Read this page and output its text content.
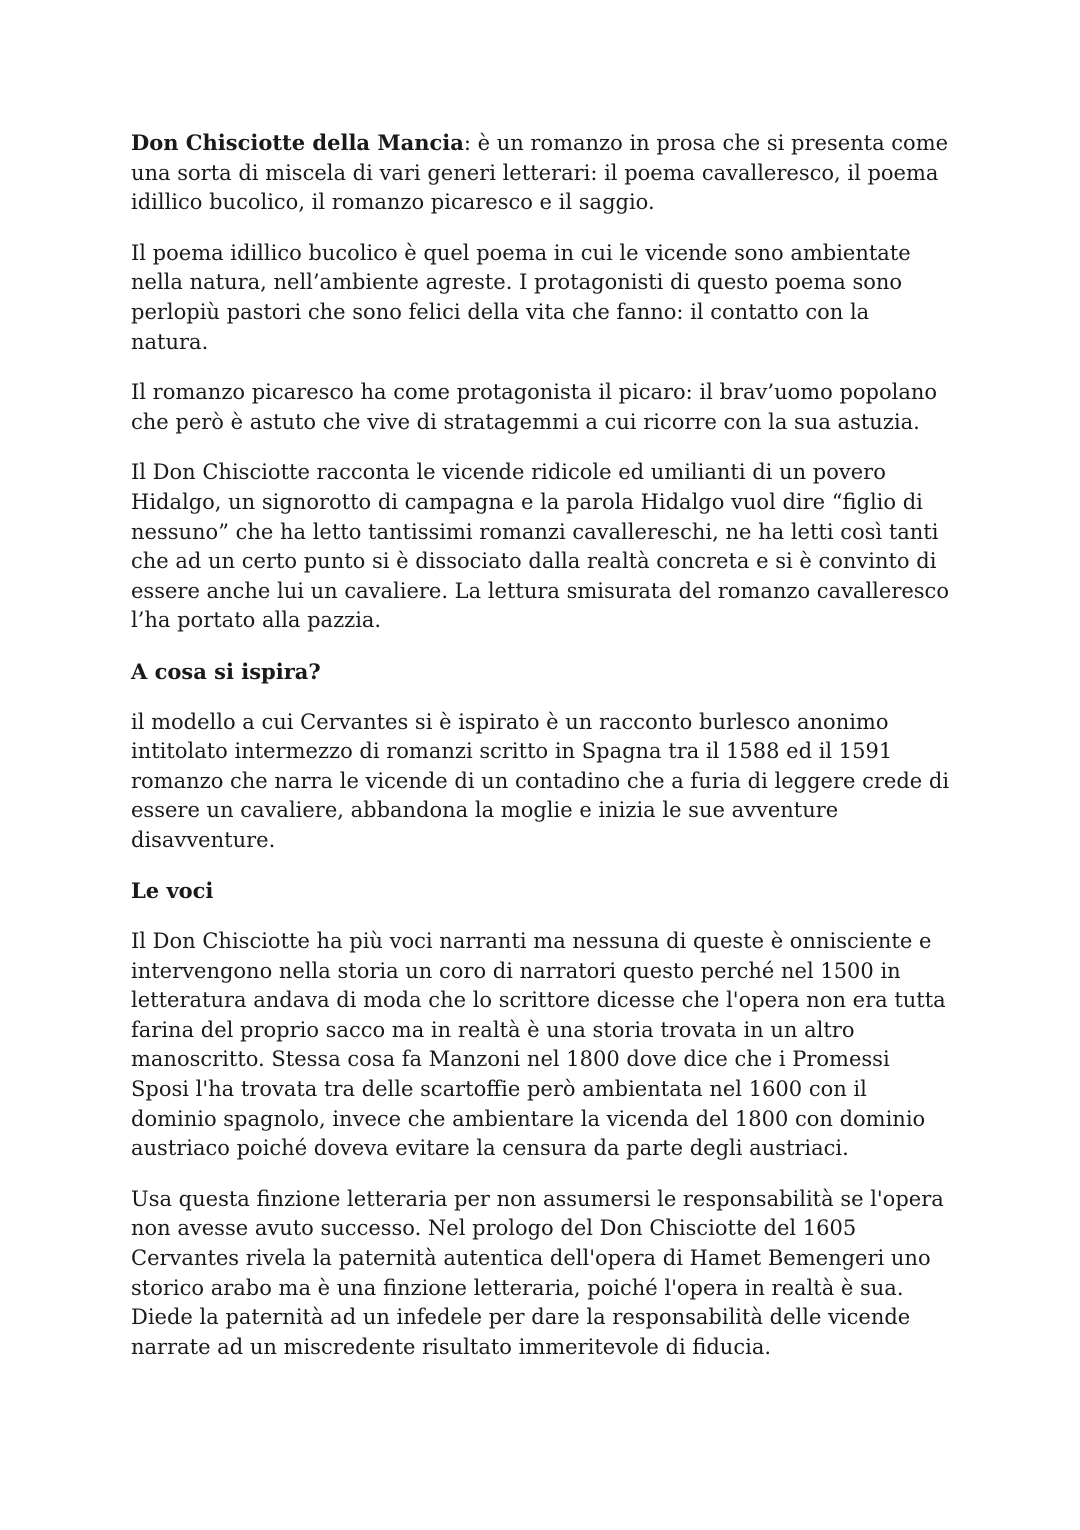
Don Chisciotte della Mancia: è un romanzo in prosa che si presenta come una sorta di miscela di vari generi letterari: il poema cavalleresco, il poema idillico bucolico, il romanzo picaresco e il saggio.

Il poema idillico bucolico è quel poema in cui le vicende sono ambientate nella natura, nell’ambiente agreste. I protagonisti di questo poema sono perlopiù pastori che sono felici della vita che fanno: il contatto con la natura.

Il romanzo picaresco ha come protagonista il picaro: il brav’uomo popolano che però è astuto che vive di stratagemmi a cui ricorre con la sua astuzia.

Il Don Chisciotte racconta le vicende ridicole ed umilianti di un povero Hidalgo, un signorotto di campagna e la parola Hidalgo vuol dire “figlio di nessuno” che ha letto tantissimi romanzi cavallereschi, ne ha letti così tanti che ad un certo punto si è dissociato dalla realtà concreta e si è convinto di essere anche lui un cavaliere. La lettura smisurata del romanzo cavalleresco l’ha portato alla pazzia.

A cosa si ispira?

il modello a cui Cervantes si è ispirato è un racconto burlesco anonimo intitolato intermezzo di romanzi scritto in Spagna tra il 1588 ed il 1591 romanzo che narra le vicende di un contadino che a furia di leggere crede di essere un cavaliere, abbandona la moglie e inizia le sue avventure disavventure.

Le voci

Il Don Chisciotte ha più voci narranti ma nessuna di queste è onnisciente e intervengono nella storia un coro di narratori questo perché nel 1500 in letteratura andava di moda che lo scrittore dicesse che l'opera non era tutta farina del proprio sacco ma in realtà è una storia trovata in un altro manoscritto. Stessa cosa fa Manzoni nel 1800 dove dice che i Promessi Sposi l'ha trovata tra delle scartoffie però ambientata nel 1600 con il dominio spagnolo, invece che ambientare la vicenda del 1800 con dominio austriaco poiché doveva evitare la censura da parte degli austriaci.

Usa questa finzione letteraria per non assumersi le responsabilità se l'opera non avesse avuto successo. Nel prologo del Don Chisciotte del 1605 Cervantes rivela la paternità autentica dell'opera di Hamet Bemengeri uno storico arabo ma è una finzione letteraria, poiché l'opera in realtà è sua. Diede la paternità ad un infedele per dare la responsabilità delle vicende narrate ad un miscredente risultato immeritevole di fiducia.
